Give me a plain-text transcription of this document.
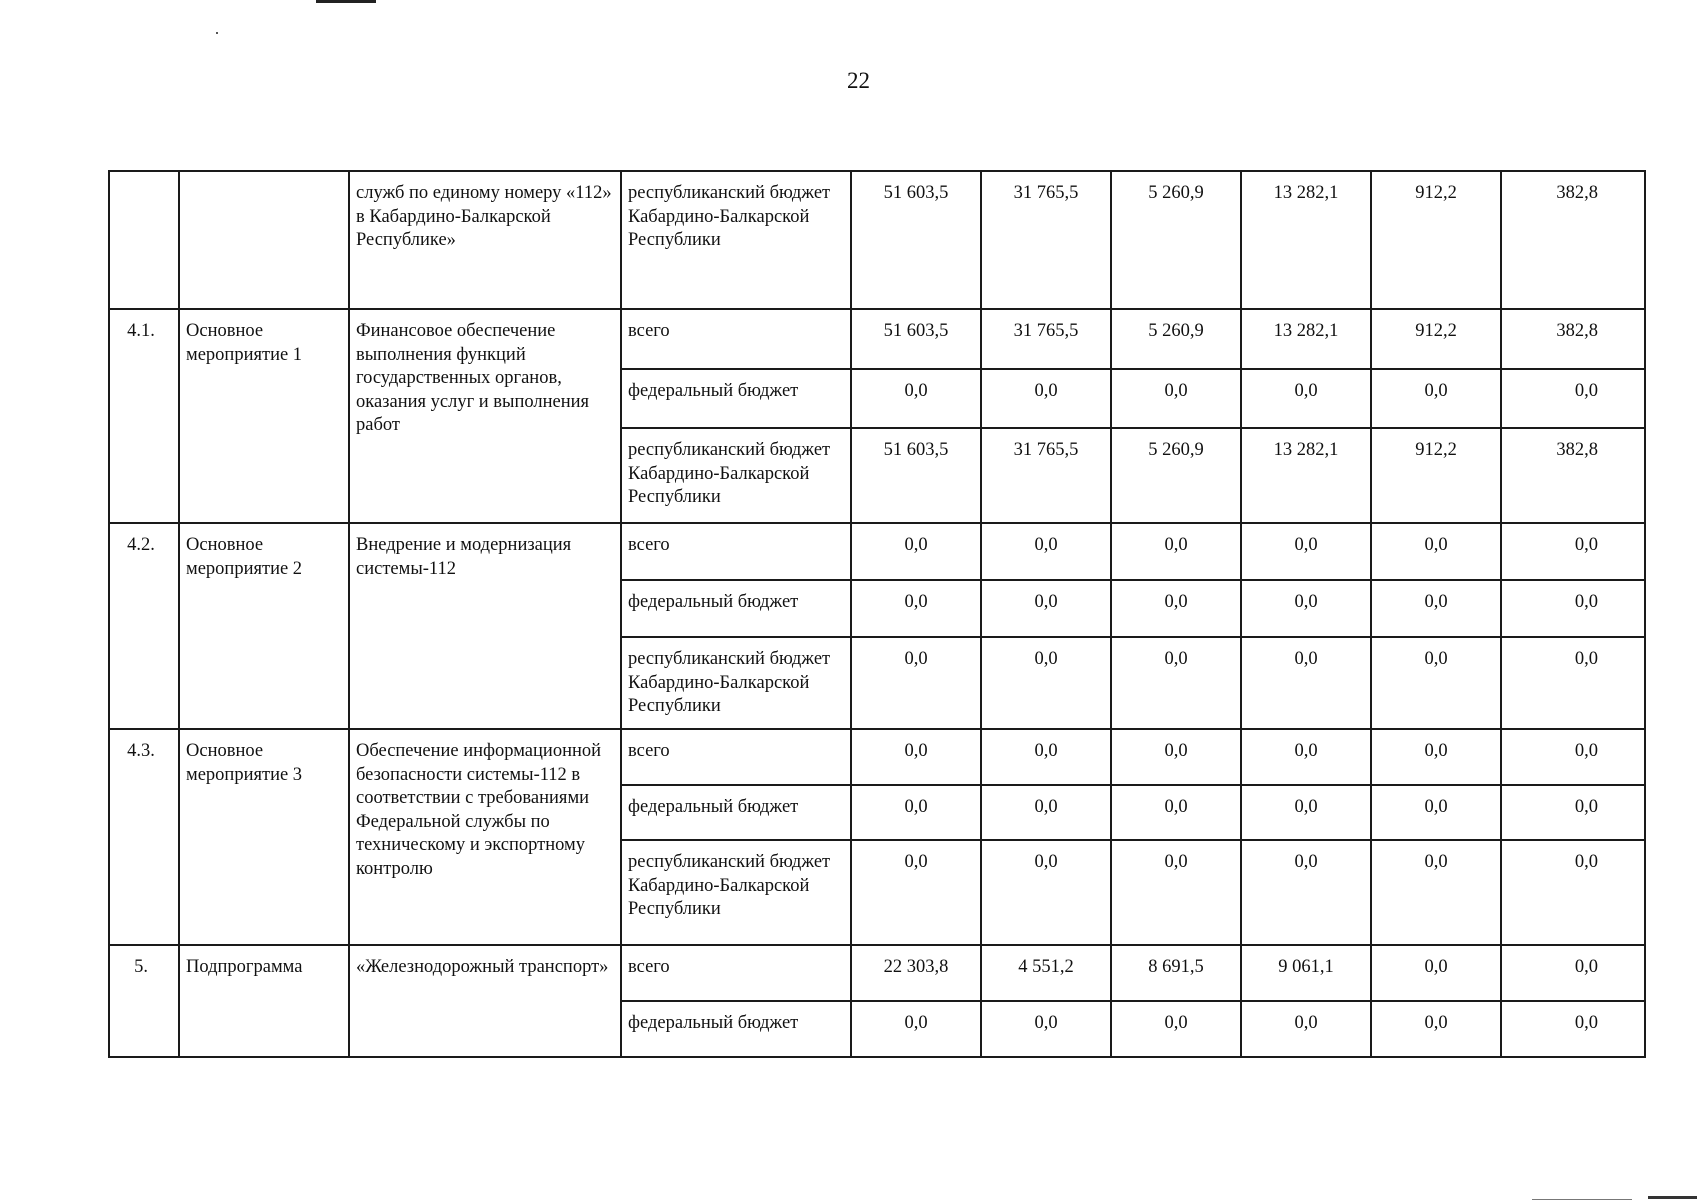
22
		служб по единому номеру «112» в Кабардино-Балкарской Республике»	республиканский бюджет Кабардино-Балкарской Республики	51 603,5	31 765,5	5 260,9	13 282,1	912,2	382,8
4.1.	Основное мероприятие 1	Финансовое обеспечение выполнения функций государственных органов, оказания услуг и выполнения работ	всего	51 603,5	31 765,5	5 260,9	13 282,1	912,2	382,8
			федеральный бюджет	0,0	0,0	0,0	0,0	0,0	0,0
			республиканский бюджет Кабардино-Балкарской Республики	51 603,5	31 765,5	5 260,9	13 282,1	912,2	382,8
4.2.	Основное мероприятие 2	Внедрение и модернизация системы-112	всего	0,0	0,0	0,0	0,0	0,0	0,0
			федеральный бюджет	0,0	0,0	0,0	0,0	0,0	0,0
			республиканский бюджет Кабардино-Балкарской Республики	0,0	0,0	0,0	0,0	0,0	0,0
4.3.	Основное мероприятие 3	Обеспечение информационной безопасности системы-112 в соответствии с требованиями Федеральной службы по техническому и экспортному контролю	всего	0,0	0,0	0,0	0,0	0,0	0,0
			федеральный бюджет	0,0	0,0	0,0	0,0	0,0	0,0
			республиканский бюджет Кабардино-Балкарской Республики	0,0	0,0	0,0	0,0	0,0	0,0
5.	Подпрограмма	«Железнодорожный транспорт»	всего	22 303,8	4 551,2	8 691,5	9 061,1	0,0	0,0
			федеральный бюджет	0,0	0,0	0,0	0,0	0,0	0,0
